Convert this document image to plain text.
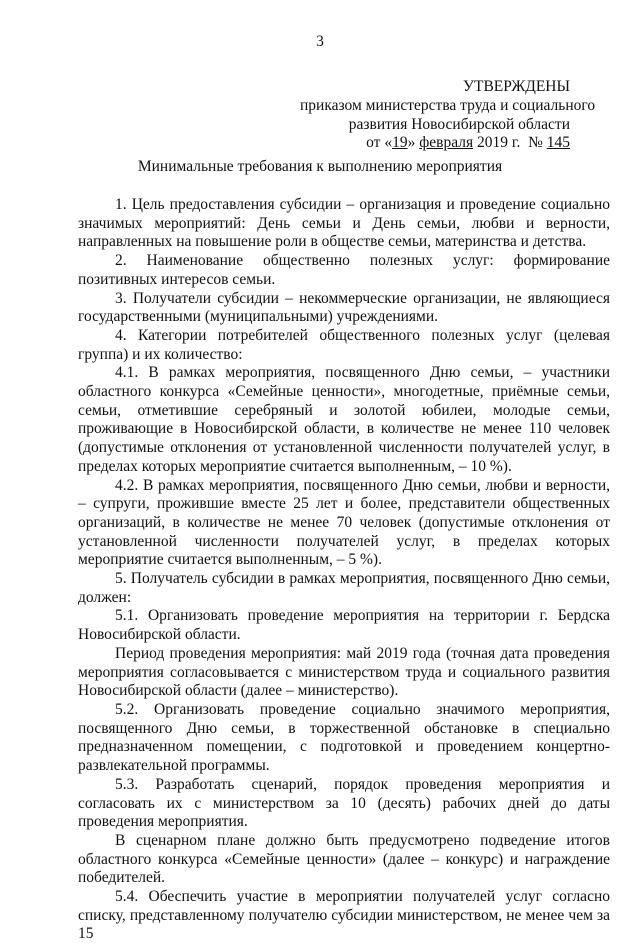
3
УТВЕРЖДЕНЫ
приказом министерства труда и социального
развития Новосибирской области
от «19» февраля 2019 г.  № 145
Минимальные требования к выполнению мероприятия

1. Цель предоставления субсидии – организация и проведение социально значимых мероприятий: День семьи и День семьи, любви и верности, направленных на повышение роли в обществе семьи, материнства и детства.

2. Наименование общественно полезных услуг: формирование позитивных интересов семьи.

3. Получатели субсидии – некоммерческие организации, не являющиеся государственными (муниципальными) учреждениями.

4. Категории потребителей общественного полезных услуг (целевая группа) и их количество:

4.1. В рамках мероприятия, посвященного Дню семьи, – участники областного конкурса «Семейные ценности», многодетные, приёмные семьи, семьи, отметившие серебряный и золотой юбилеи, молодые семьи, проживающие в Новосибирской области, в количестве не менее 110 человек (допустимые отклонения от установленной численности получателей услуг, в пределах которых мероприятие считается выполненным, – 10 %).

4.2. В рамках мероприятия, посвященного Дню семьи, любви и верности, – супруги, прожившие вместе 25 лет и более, представители общественных организаций, в количестве не менее 70 человек (допустимые отклонения от установленной численности получателей услуг, в пределах которых мероприятие считается выполненным, – 5 %).

5. Получатель субсидии в рамках мероприятия, посвященного Дню семьи, должен:

5.1. Организовать проведение мероприятия на территории г. Бердска Новосибирской области.

Период проведения мероприятия: май 2019 года (точная дата проведения мероприятия согласовывается с министерством труда и социального развития Новосибирской области (далее – министерство).

5.2. Организовать проведение социально значимого мероприятия, посвященного Дню семьи, в торжественной обстановке в специально предназначенном помещении, с подготовкой и проведением концертно-развлекательной программы.

5.3. Разработать сценарий, порядок проведения мероприятия и согласовать их с министерством за 10 (десять) рабочих дней до даты проведения мероприятия.

В сценарном плане должно быть предусмотрено подведение итогов областного конкурса «Семейные ценности» (далее – конкурс) и награждение победителей.

5.4. Обеспечить участие в мероприятии получателей услуг согласно списку, представленному получателю субсидии министерством, не менее чем за 15
